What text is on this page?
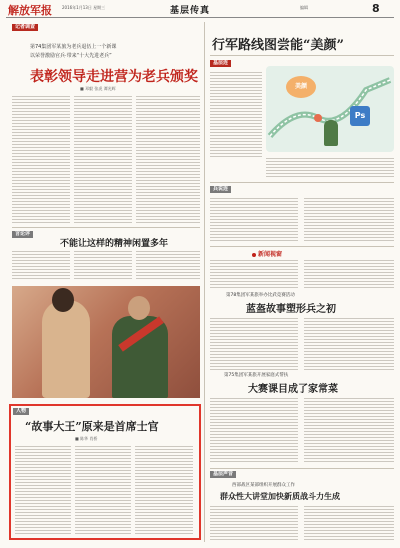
解放军报	2016年1月13日 星期三	基层传真	编辑	8
记者调查
第74集团军某旅为老兵退伍上一个新课
以荣誉激励官兵·带来“十大先进老兵”
表彰领导走进营为老兵颁奖
■ 邓毅 张虎 谭光辉
言论评
不能让这样的精神闲置多年
人物
“故事大王”原来是首席士官
■ 陈华 肖桥
行军路线图尝能“美颜”
基层连
美颜
Ps
兵说连
新闻视窗
第78集团军某旅举办比武竞赛活动
蓝盔故事塑形兵之初
第75集团军某旅开展家庭式帮扶
大赛课目成了家常菜
基层声音
西部战区某部组织开展群众工作
群众性大讲堂加快新质战斗力生成
